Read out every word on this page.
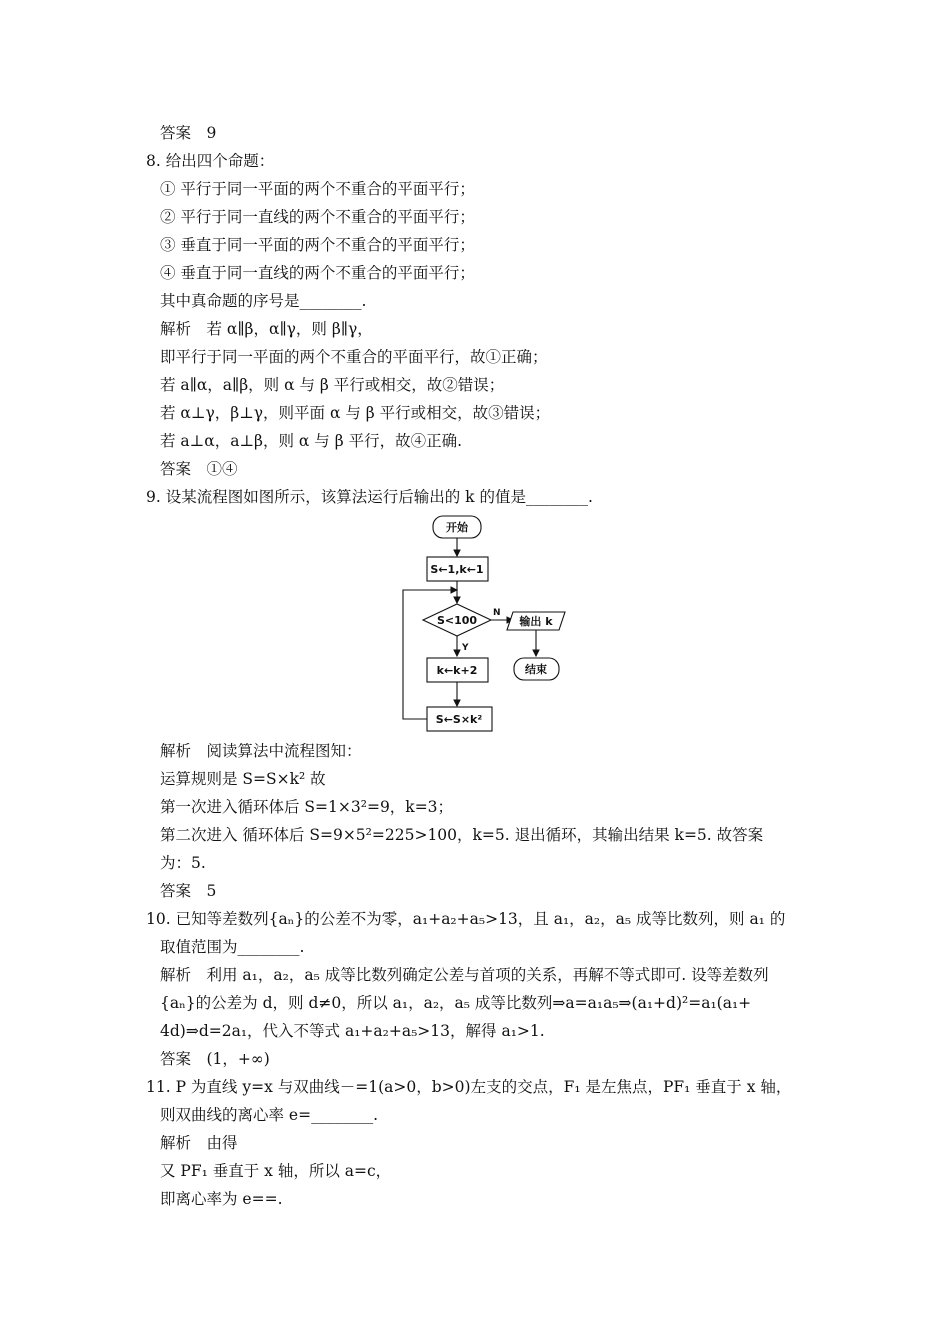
答案　9
8. 给出四个命题：
① 平行于同一平面的两个不重合的平面平行；
② 平行于同一直线的两个不重合的平面平行；
③ 垂直于同一平面的两个不重合的平面平行；
④ 垂直于同一直线的两个不重合的平面平行；
其中真命题的序号是________.
解析　若 α∥β，α∥γ，则 β∥γ，
即平行于同一平面的两个不重合的平面平行，故①正确；
若 a∥α，a∥β，则 α 与 β 平行或相交，故②错误；
若 α⊥γ，β⊥γ，则平面 α 与 β 平行或相交，故③错误；
若 a⊥α，a⊥β，则 α 与 β 平行，故④正确.
答案　①④
9. 设某流程图如图所示，该算法运行后输出的 k 的值是________.
开始
S←1,k←1
S<100
N
Y
输出 k
结束
k←k+2
S←S×k²
解析　阅读算法中流程图知：
运算规则是 S=S×k² 故
第一次进入循环体后 S=1×3²=9，k=3；
第二次进入 循环体后 S=9×5²=225>100，k=5. 退出循环，其输出结果 k=5. 故答案
为：5.
答案　5
10. 已知等差数列{aₙ}的公差不为零，a₁+a₂+a₅>13，且 a₁，a₂，a₅ 成等比数列，则 a₁ 的
取值范围为________.
解析　利用 a₁，a₂，a₅ 成等比数列确定公差与首项的关系，再解不等式即可. 设等差数列
{aₙ}的公差为 d，则 d≠0，所以 a₁，a₂，a₅ 成等比数列⇒a=a₁a₅⇒(a₁+d)²=a₁(a₁+
4d)⇒d=2a₁，代入不等式 a₁+a₂+a₅>13，解得 a₁>1.
答案　(1，+∞)
11. P 为直线 y=x 与双曲线－=1(a>0，b>0)左支的交点，F₁ 是左焦点，PF₁ 垂直于 x 轴，
则双曲线的离心率 e=________.
解析　由得
又 PF₁ 垂直于 x 轴，所以 a=c，
即离心率为 e==.
